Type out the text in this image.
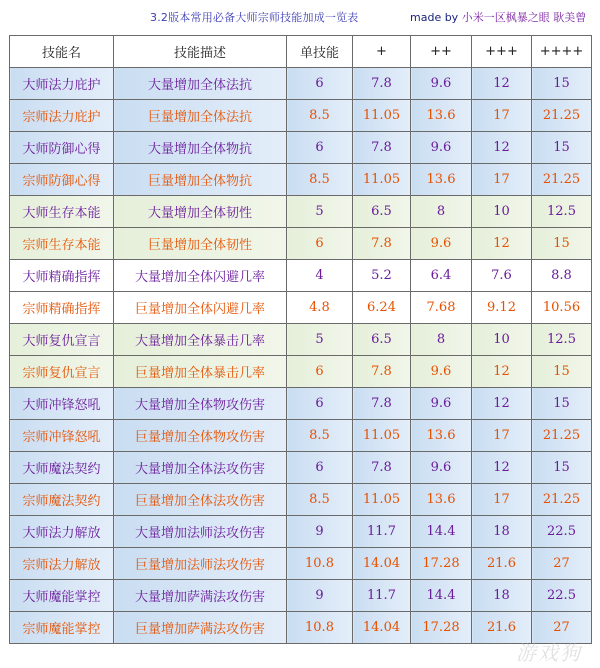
3.2版本常用必备大师宗师技能加成一览表	made by 小米一区枫暴之眼 耿美曾
技能名	技能描述	单技能	+	++	+++	++++
大师法力庇护	大量增加全体法抗	6	7.8	9.6	12	15
宗师法力庇护	巨量增加全体法抗	8.5	11.05	13.6	17	21.25
大师防御心得	大量增加全体物抗	6	7.8	9.6	12	15
宗师防御心得	巨量增加全体物抗	8.5	11.05	13.6	17	21.25
大师生存本能	大量增加全体韧性	5	6.5	8	10	12.5
宗师生存本能	巨量增加全体韧性	6	7.8	9.6	12	15
大师精确指挥	大量增加全体闪避几率	4	5.2	6.4	7.6	8.8
宗师精确指挥	巨量增加全体闪避几率	4.8	6.24	7.68	9.12	10.56
大师复仇宣言	大量增加全体暴击几率	5	6.5	8	10	12.5
宗师复仇宣言	巨量增加全体暴击几率	6	7.8	9.6	12	15
大师冲锋怒吼	大量增加全体物攻伤害	6	7.8	9.6	12	15
宗师冲锋怒吼	巨量增加全体物攻伤害	8.5	11.05	13.6	17	21.25
大师魔法契约	大量增加全体法攻伤害	6	7.8	9.6	12	15
宗师魔法契约	巨量增加全体法攻伤害	8.5	11.05	13.6	17	21.25
大师法力解放	大量增加法师法攻伤害	9	11.7	14.4	18	22.5
宗师法力解放	巨量增加法师法攻伤害	10.8	14.04	17.28	21.6	27
大师魔能掌控	大量增加萨满法攻伤害	9	11.7	14.4	18	22.5
宗师魔能掌控	巨量增加萨满法攻伤害	10.8	14.04	17.28	21.6	27
游戏狗
